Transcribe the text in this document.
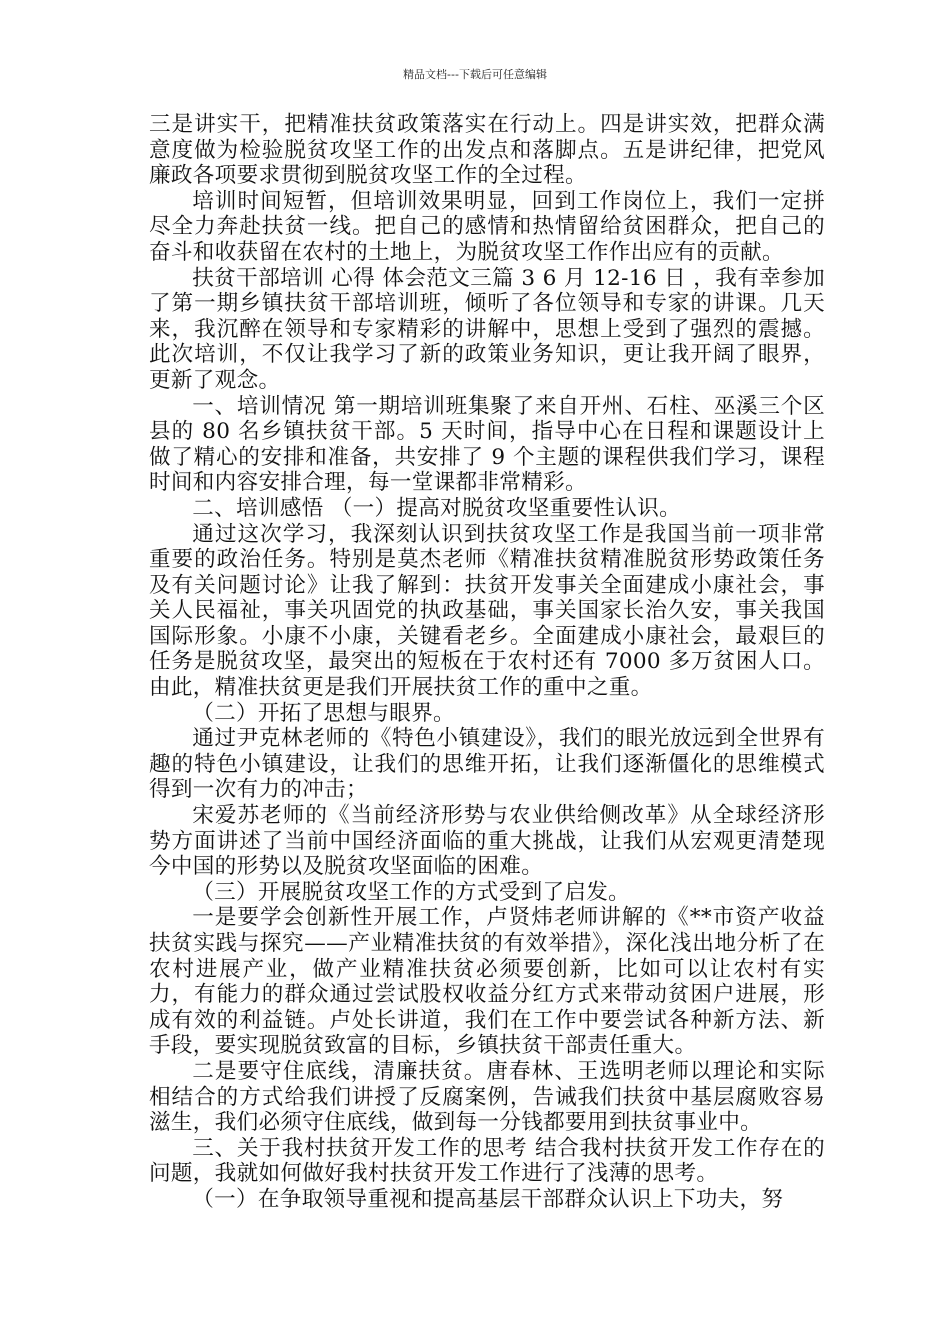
精品文档---下载后可任意编辑

三是讲实干，把精准扶贫政策落实在行动上。四是讲实效，把群众满意度做为检验脱贫攻坚工作的出发点和落脚点。五是讲纪律，把党风廉政各项要求贯彻到脱贫攻坚工作的全过程。

培训时间短暂，但培训效果明显，回到工作岗位上，我们一定拼尽全力奔赴扶贫一线。把自己的感情和热情留给贫困群众，把自己的奋斗和收获留在农村的土地上，为脱贫攻坚工作作出应有的贡献。

扶贫干部培训 心得 体会范文三篇 3 6 月 12-16 日 ，我有幸参加了第一期乡镇扶贫干部培训班，倾听了各位领导和专家的讲课。几天来，我沉醉在领导和专家精彩的讲解中，思想上受到了强烈的震撼。此次培训，不仅让我学习了新的政策业务知识，更让我开阔了眼界，更新了观念。

一、培训情况 第一期培训班集聚了来自开州、石柱、巫溪三个区县的 80 名乡镇扶贫干部。5 天时间，指导中心在日程和课题设计上做了精心的安排和准备，共安排了 9 个主题的课程供我们学习，课程时间和内容安排合理，每一堂课都非常精彩。

二、培训感悟 （一）提高对脱贫攻坚重要性认识。

通过这次学习，我深刻认识到扶贫攻坚工作是我国当前一项非常重要的政治任务。特别是莫杰老师《精准扶贫精准脱贫形势政策任务及有关问题讨论》让我了解到：扶贫开发事关全面建成小康社会，事关人民福祉，事关巩固党的执政基础，事关国家长治久安，事关我国国际形象。小康不小康，关键看老乡。全面建成小康社会，最艰巨的任务是脱贫攻坚，最突出的短板在于农村还有 7000 多万贫困人口。由此，精准扶贫更是我们开展扶贫工作的重中之重。

（二）开拓了思想与眼界。

通过尹克林老师的《特色小镇建设》，我们的眼光放远到全世界有趣的特色小镇建设，让我们的思维开拓，让我们逐渐僵化的思维模式得到一次有力的冲击；

宋爱苏老师的《当前经济形势与农业供给侧改革》从全球经济形势方面讲述了当前中国经济面临的重大挑战，让我们从宏观更清楚现今中国的形势以及脱贫攻坚面临的困难。

（三）开展脱贫攻坚工作的方式受到了启发。

一是要学会创新性开展工作，卢贤炜老师讲解的《**市资产收益扶贫实践与探究——产业精准扶贫的有效举措》，深化浅出地分析了在农村进展产业，做产业精准扶贫必须要创新，比如可以让农村有实力，有能力的群众通过尝试股权收益分红方式来带动贫困户进展，形成有效的利益链。卢处长讲道，我们在工作中要尝试各种新方法、新手段，要实现脱贫致富的目标，乡镇扶贫干部责任重大。

二是要守住底线，清廉扶贫。唐春林、王选明老师以理论和实际相结合的方式给我们讲授了反腐案例，告诫我们扶贫中基层腐败容易滋生，我们必须守住底线，做到每一分钱都要用到扶贫事业中。

三、关于我村扶贫开发工作的思考 结合我村扶贫开发工作存在的问题，我就如何做好我村扶贫开发工作进行了浅薄的思考。

（一）在争取领导重视和提高基层干部群众认识上下功夫，努
